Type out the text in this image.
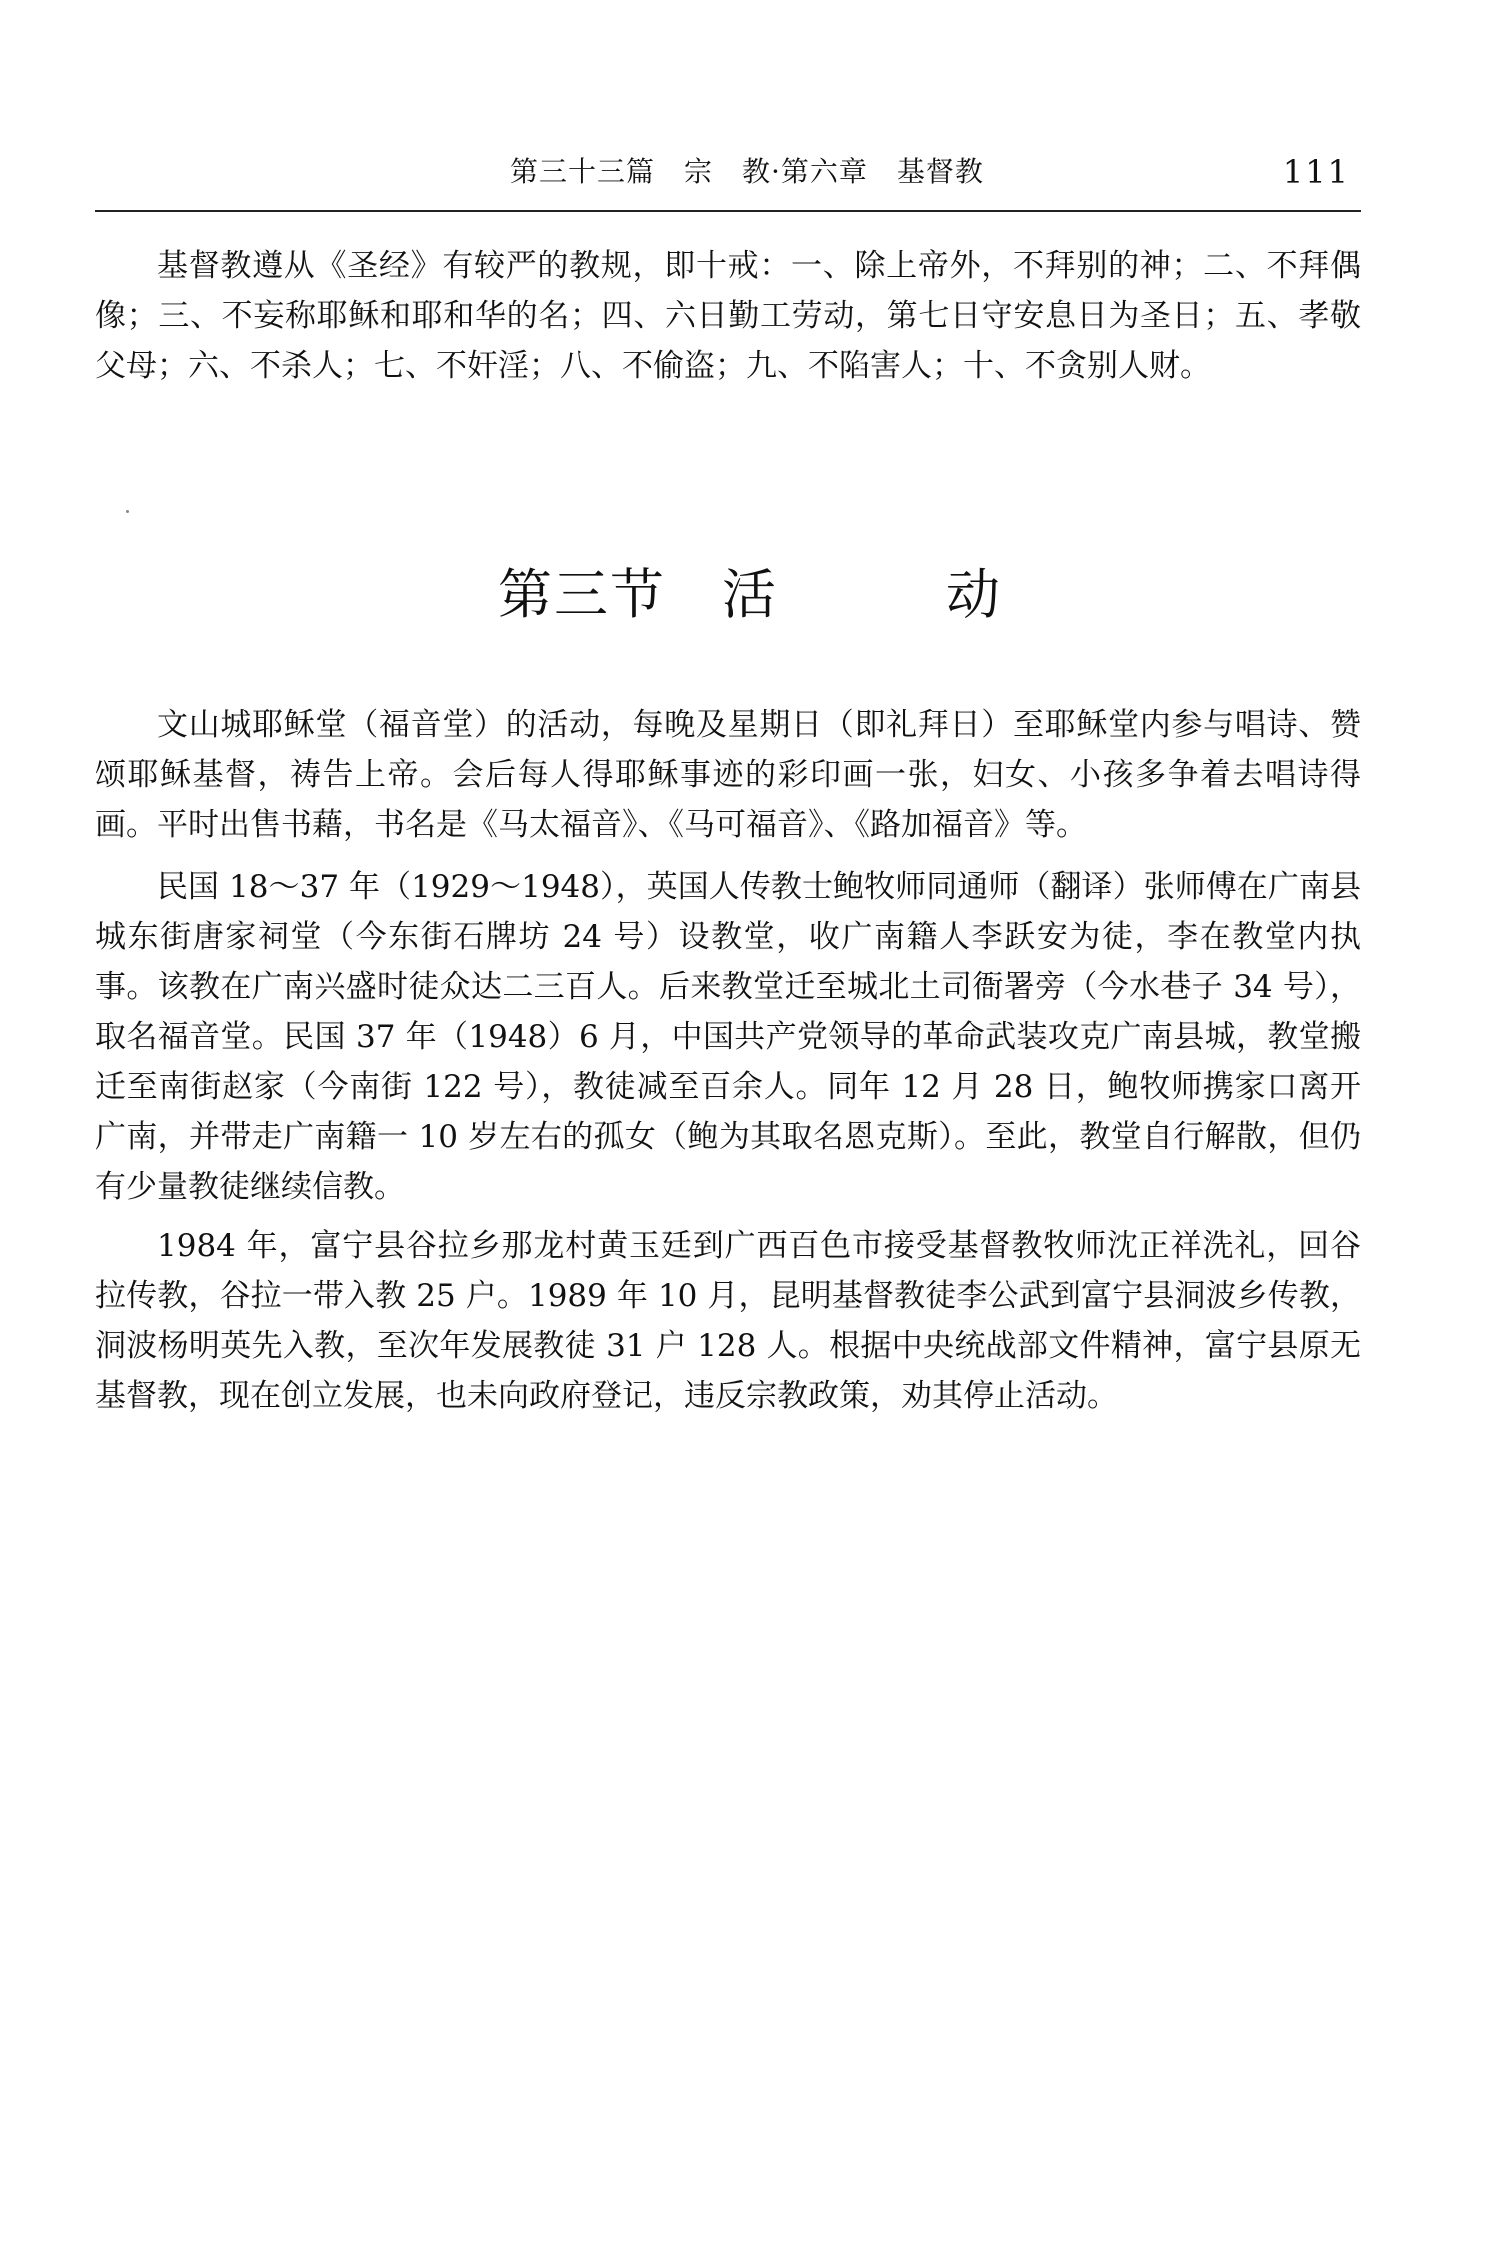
第三十三篇　宗　教·第六章　基督教	111

基督教遵从《圣经》有较严的教规，即十戒：一、除上帝外，不拜别的神；二、不拜偶像；三、不妄称耶稣和耶和华的名；四、六日勤工劳动，第七日守安息日为圣日；五、孝敬父母；六、不杀人；七、不奸淫；八、不偷盗；九、不陷害人；十、不贪别人财。

第三节　活　　　动

文山城耶稣堂（福音堂）的活动，每晚及星期日（即礼拜日）至耶稣堂内参与唱诗、赞颂耶稣基督，祷告上帝。会后每人得耶稣事迹的彩印画一张，妇女、小孩多争着去唱诗得画。平时出售书藉，书名是《马太福音》、《马可福音》、《路加福音》等。

民国 18～37 年（1929～1948），英国人传教士鲍牧师同通师（翻译）张师傅在广南县城东街唐家祠堂（今东街石牌坊 24 号）设教堂，收广南籍人李跃安为徒，李在教堂内执事。该教在广南兴盛时徒众达二三百人。后来教堂迁至城北土司衙署旁（今水巷子 34 号），取名福音堂。民国 37 年（1948）6 月，中国共产党领导的革命武装攻克广南县城，教堂搬迁至南街赵家（今南街 122 号），教徒减至百余人。同年 12 月 28 日，鲍牧师携家口离开广南，并带走广南籍一 10 岁左右的孤女（鲍为其取名恩克斯）。至此，教堂自行解散，但仍有少量教徒继续信教。

1984 年，富宁县谷拉乡那龙村黄玉廷到广西百色市接受基督教牧师沈正祥洗礼，回谷拉传教，谷拉一带入教 25 户。1989 年 10 月，昆明基督教徒李公武到富宁县洞波乡传教，洞波杨明英先入教，至次年发展教徒 31 户 128 人。根据中央统战部文件精神，富宁县原无基督教，现在创立发展，也未向政府登记，违反宗教政策，劝其停止活动。
